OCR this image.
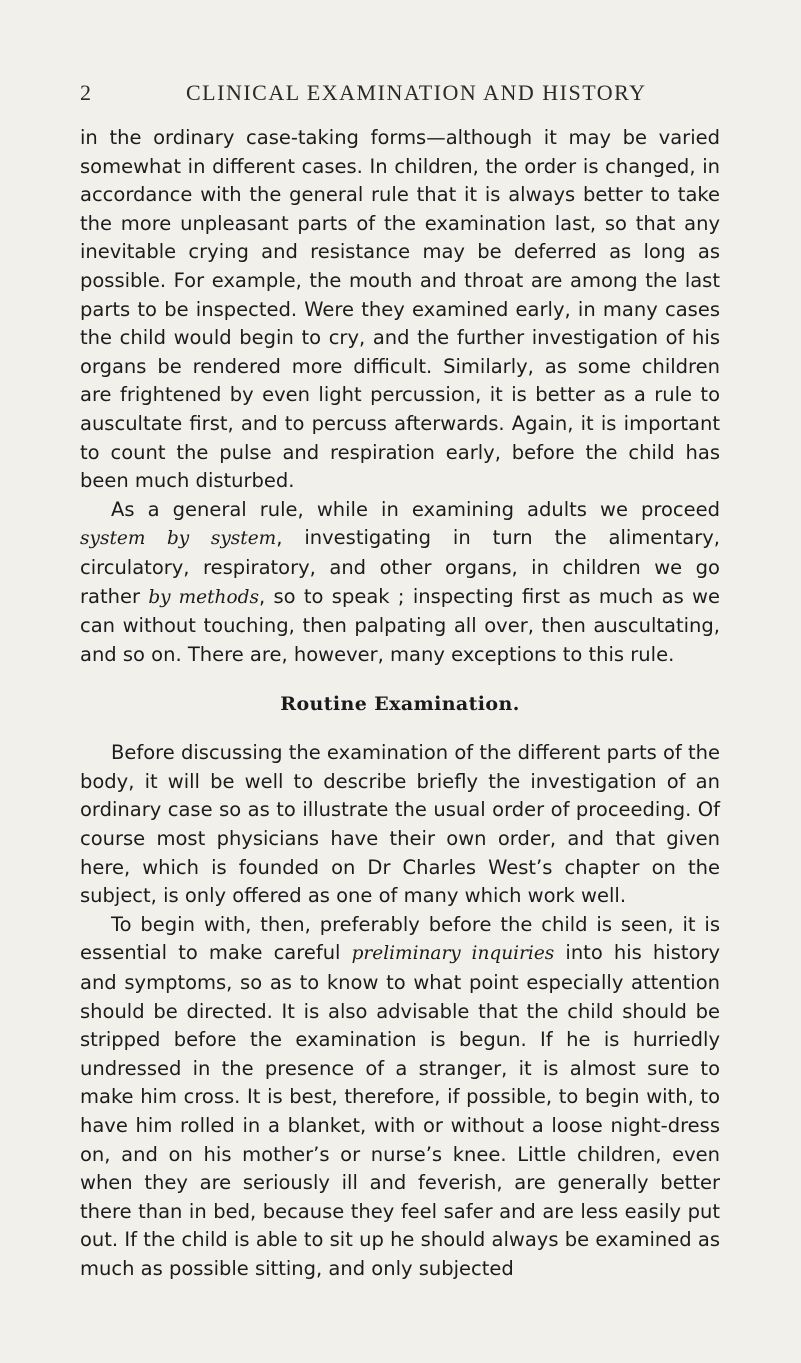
2	CLINICAL EXAMINATION AND HISTORY

in the ordinary case-taking forms—although it may be varied somewhat in different cases. In children, the order is changed, in accordance with the general rule that it is always better to take the more unpleasant parts of the examination last, so that any inevitable crying and resistance may be deferred as long as possible. For example, the mouth and throat are among the last parts to be inspected. Were they examined early, in many cases the child would begin to cry, and the further investigation of his organs be rendered more difficult. Similarly, as some children are frightened by even light percussion, it is better as a rule to auscultate first, and to percuss afterwards. Again, it is important to count the pulse and respiration early, before the child has been much disturbed.

As a general rule, while in examining adults we proceed system by system, investigating in turn the alimentary, circulatory, respiratory, and other organs, in children we go rather by methods, so to speak ; inspecting first as much as we can without touching, then palpating all over, then auscultating, and so on. There are, however, many exceptions to this rule.

Routine Examination.

Before discussing the examination of the different parts of the body, it will be well to describe briefly the investigation of an ordinary case so as to illustrate the usual order of proceeding. Of course most physicians have their own order, and that given here, which is founded on Dr Charles West’s chapter on the subject, is only offered as one of many which work well.

To begin with, then, preferably before the child is seen, it is essential to make careful preliminary inquiries into his history and symptoms, so as to know to what point especially attention should be directed. It is also advisable that the child should be stripped before the examination is begun. If he is hurriedly undressed in the presence of a stranger, it is almost sure to make him cross. It is best, therefore, if possible, to begin with, to have him rolled in a blanket, with or without a loose night-dress on, and on his mother’s or nurse’s knee. Little children, even when they are seriously ill and feverish, are generally better there than in bed, because they feel safer and are less easily put out. If the child is able to sit up he should always be examined as much as possible sitting, and only subjected
